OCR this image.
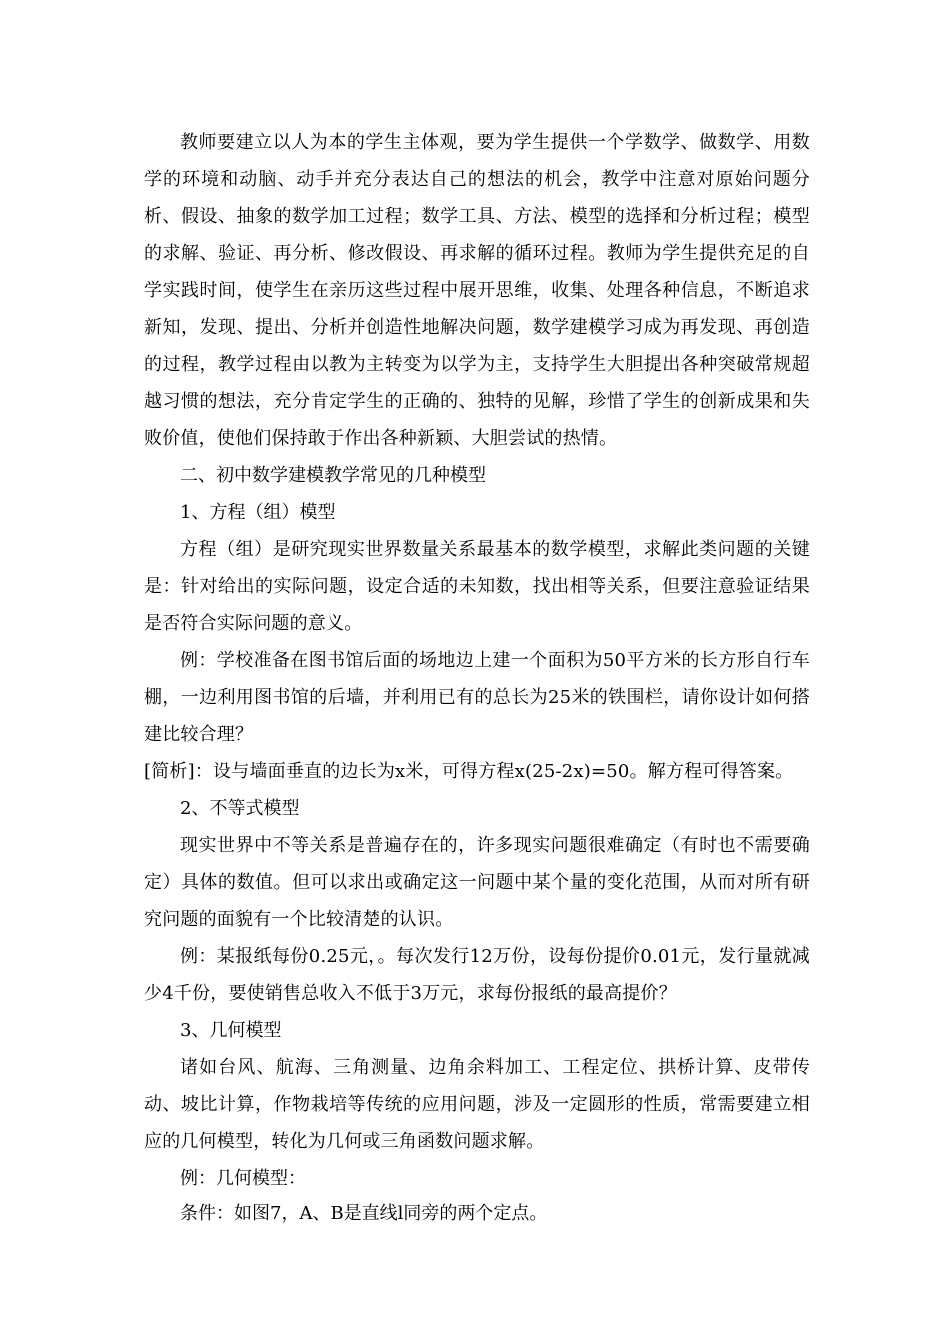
教师要建立以人为本的学生主体观，要为学生提供一个学数学、做数学、用数学的环境和动脑、动手并充分表达自己的想法的机会，教学中注意对原始问题分析、假设、抽象的数学加工过程；数学工具、方法、模型的选择和分析过程；模型的求解、验证、再分析、修改假设、再求解的循环过程。教师为学生提供充足的自学实践时间，使学生在亲历这些过程中展开思维，收集、处理各种信息，不断追求新知，发现、提出、分析并创造性地解决问题，数学建模学习成为再发现、再创造的过程，教学过程由以教为主转变为以学为主，支持学生大胆提出各种突破常规超越习惯的想法，充分肯定学生的正确的、独特的见解，珍惜了学生的创新成果和失败价值，使他们保持敢于作出各种新颖、大胆尝试的热情。

二、初中数学建模教学常见的几种模型

1、方程（组）模型

方程（组）是研究现实世界数量关系最基本的数学模型，求解此类问题的关键是：针对给出的实际问题，设定合适的未知数，找出相等关系，但要注意验证结果是否符合实际问题的意义。

例：学校准备在图书馆后面的场地边上建一个面积为50平方米的长方形自行车棚，一边利用图书馆的后墙，并利用已有的总长为25米的铁围栏，请你设计如何搭建比较合理？

[简析]：设与墙面垂直的边长为x米，可得方程x(25-2x)=50。解方程可得答案。

2、不等式模型

现实世界中不等关系是普遍存在的，许多现实问题很难确定（有时也不需要确定）具体的数值。但可以求出或确定这一问题中某个量的变化范围，从而对所有研究问题的面貌有一个比较清楚的认识。

例：某报纸每份0.25元，。每次发行12万份，设每份提价0.01元，发行量就减少4千份，要使销售总收入不低于3万元，求每份报纸的最高提价？

3、几何模型

诸如台风、航海、三角测量、边角余料加工、工程定位、拱桥计算、皮带传动、坡比计算，作物栽培等传统的应用问题，涉及一定圆形的性质，常需要建立相应的几何模型，转化为几何或三角函数问题求解。

例：几何模型：

条件：如图7，A、B是直线l同旁的两个定点。
